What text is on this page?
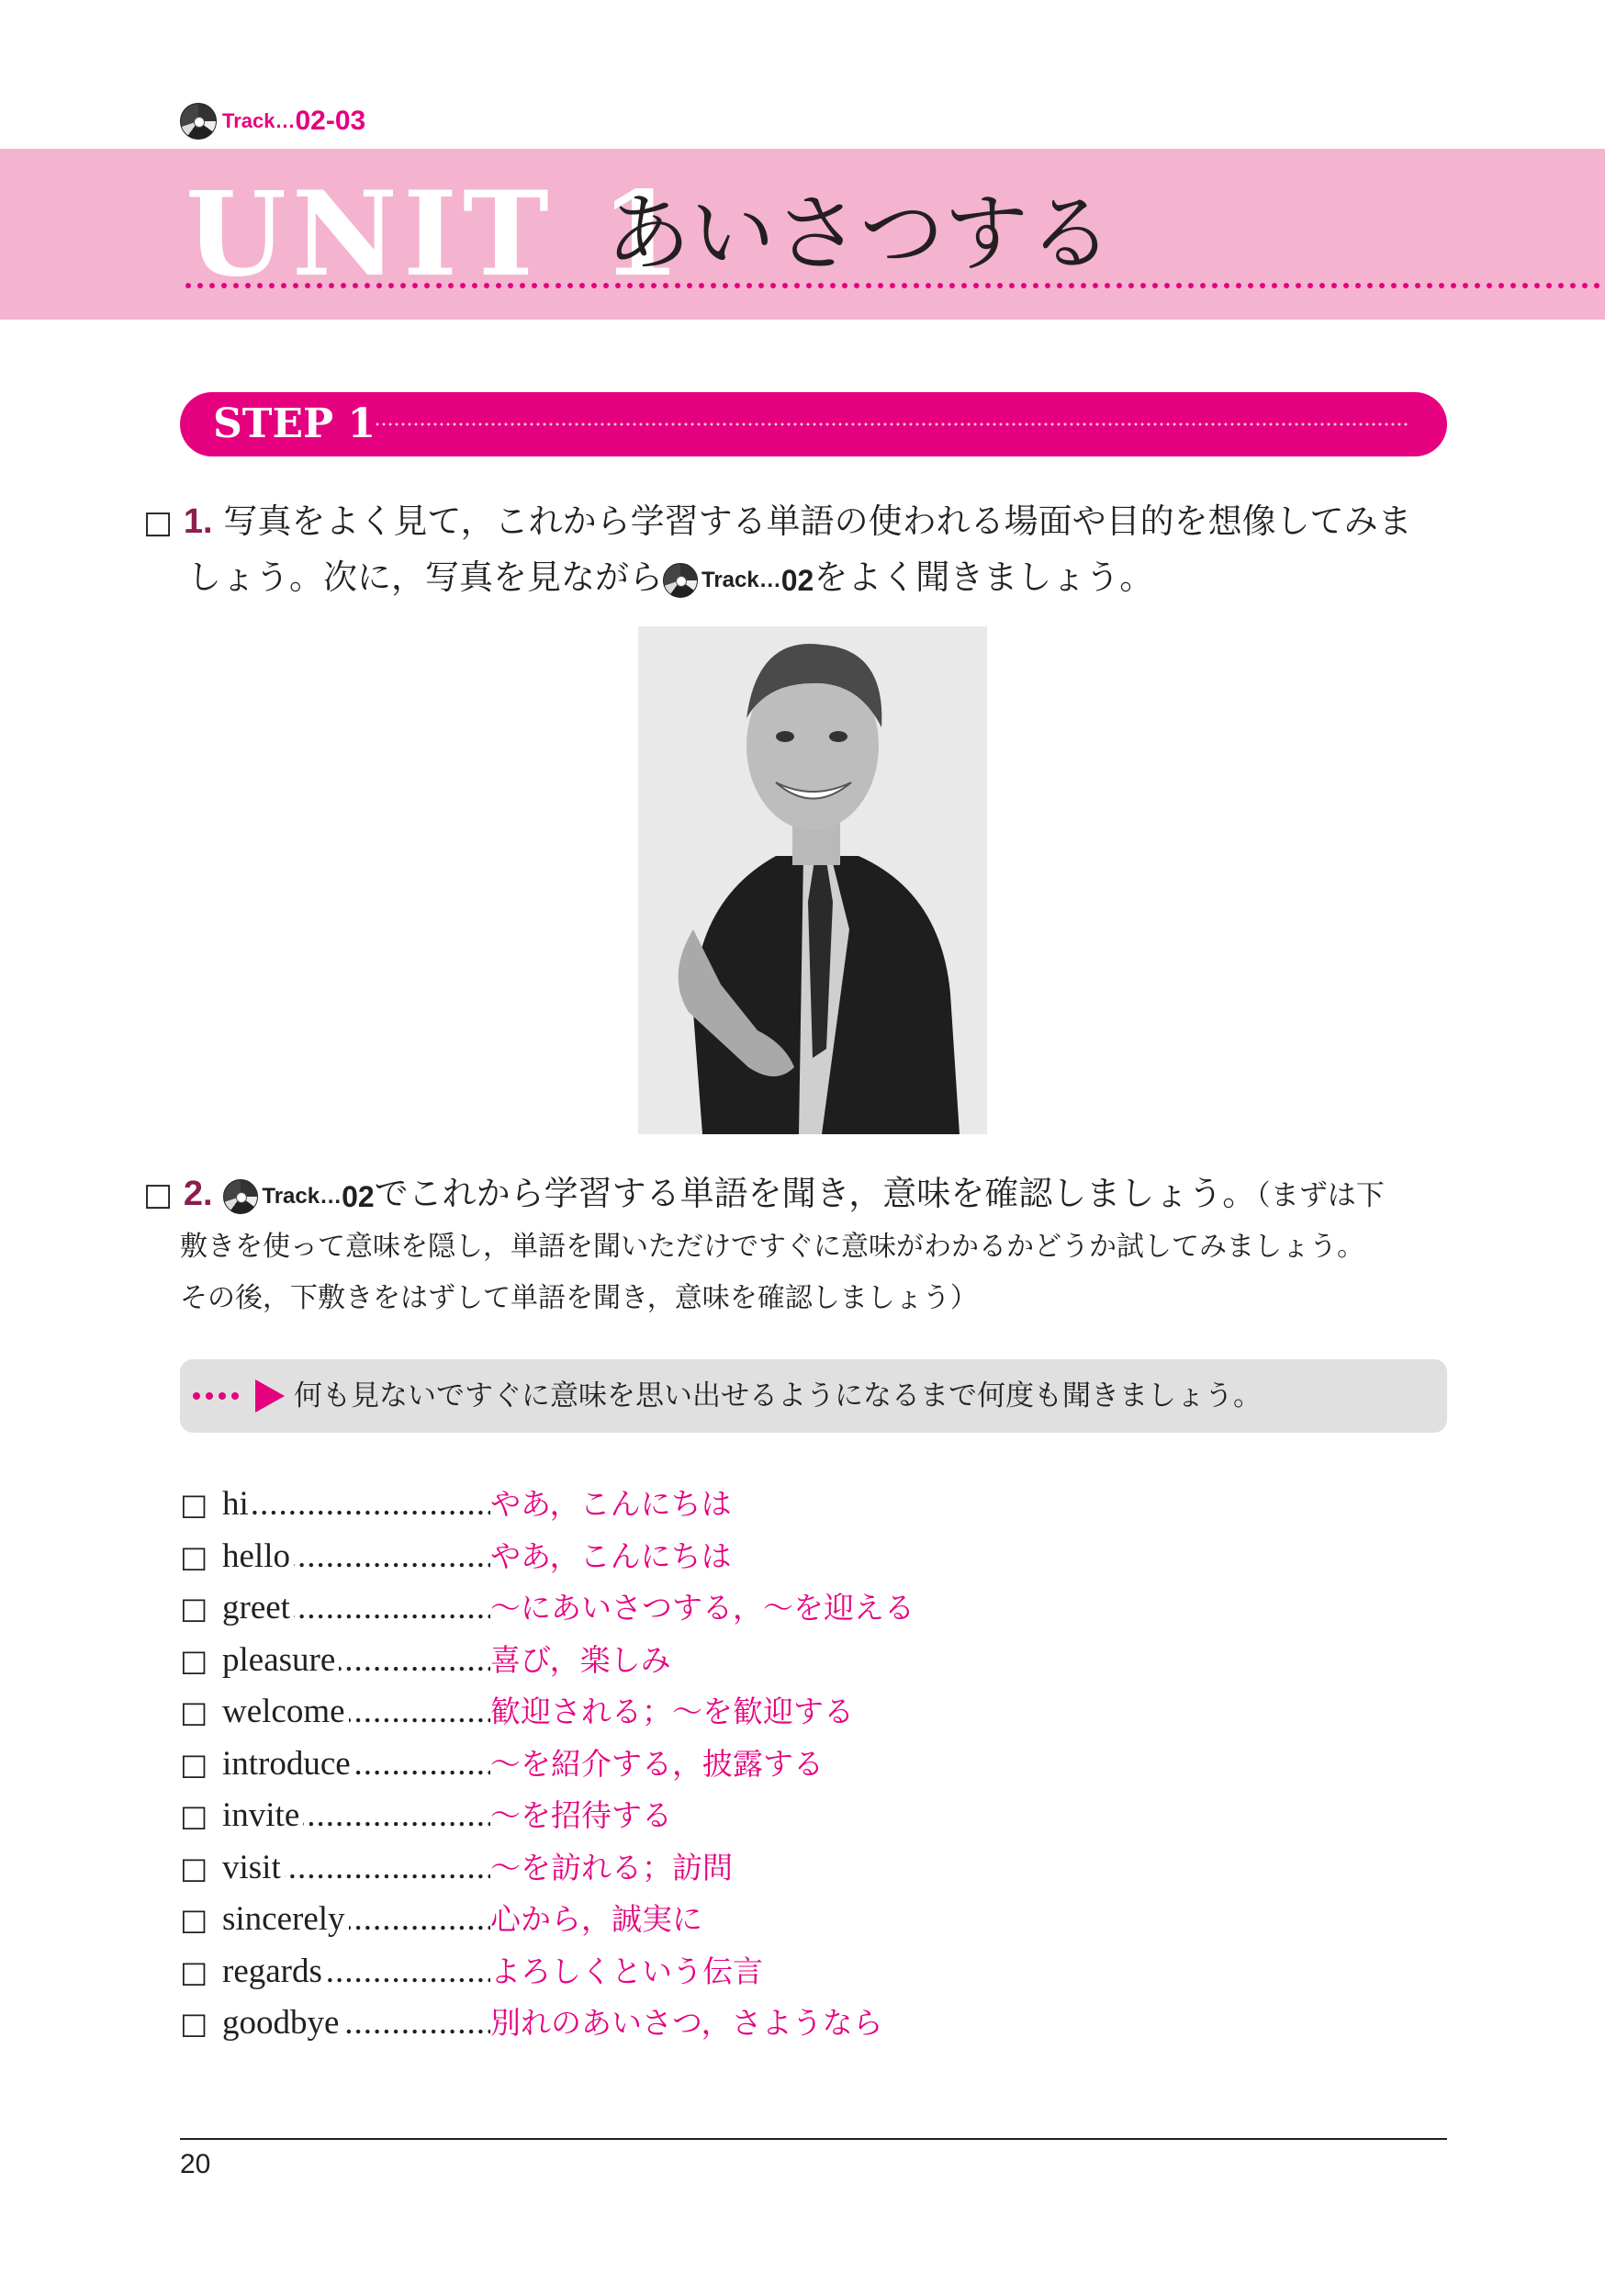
Track… 02-03
UNIT 1
あいさつする
STEP 1
□ 1. 写真をよく見て，これから学習する単語の使われる場面や目的を想像してみま
しょう。次に，写真を見ながら Track… 02 をよく聞きましょう。
□ 2. Track… 02 でこれから学習する単語を聞き，意味を確認しましょう。（まずは下
敷きを使って意味を隠し，単語を聞いただけですぐに意味がわかるかどうか試してみましょう。
その後，下敷きをはずして単語を聞き，意味を確認しましょう）
何も見ないですぐに意味を思い出せるようになるまで何度も聞きましょう。
□ hi .....	やあ，こんにちは
□ hello .....	やあ，こんにちは
□ greet .....	～にあいさつする，～を迎える
□ pleasure .....	喜び，楽しみ
□ welcome .....	歓迎される；～を歓迎する
□ introduce .....	～を紹介する，披露する
□ invite .....	～を招待する
□ visit .....	～を訪れる；訪問
□ sincerely .....	心から，誠実に
□ regards .....	よろしくという伝言
□ goodbye .....	別れのあいさつ，さようなら
20
